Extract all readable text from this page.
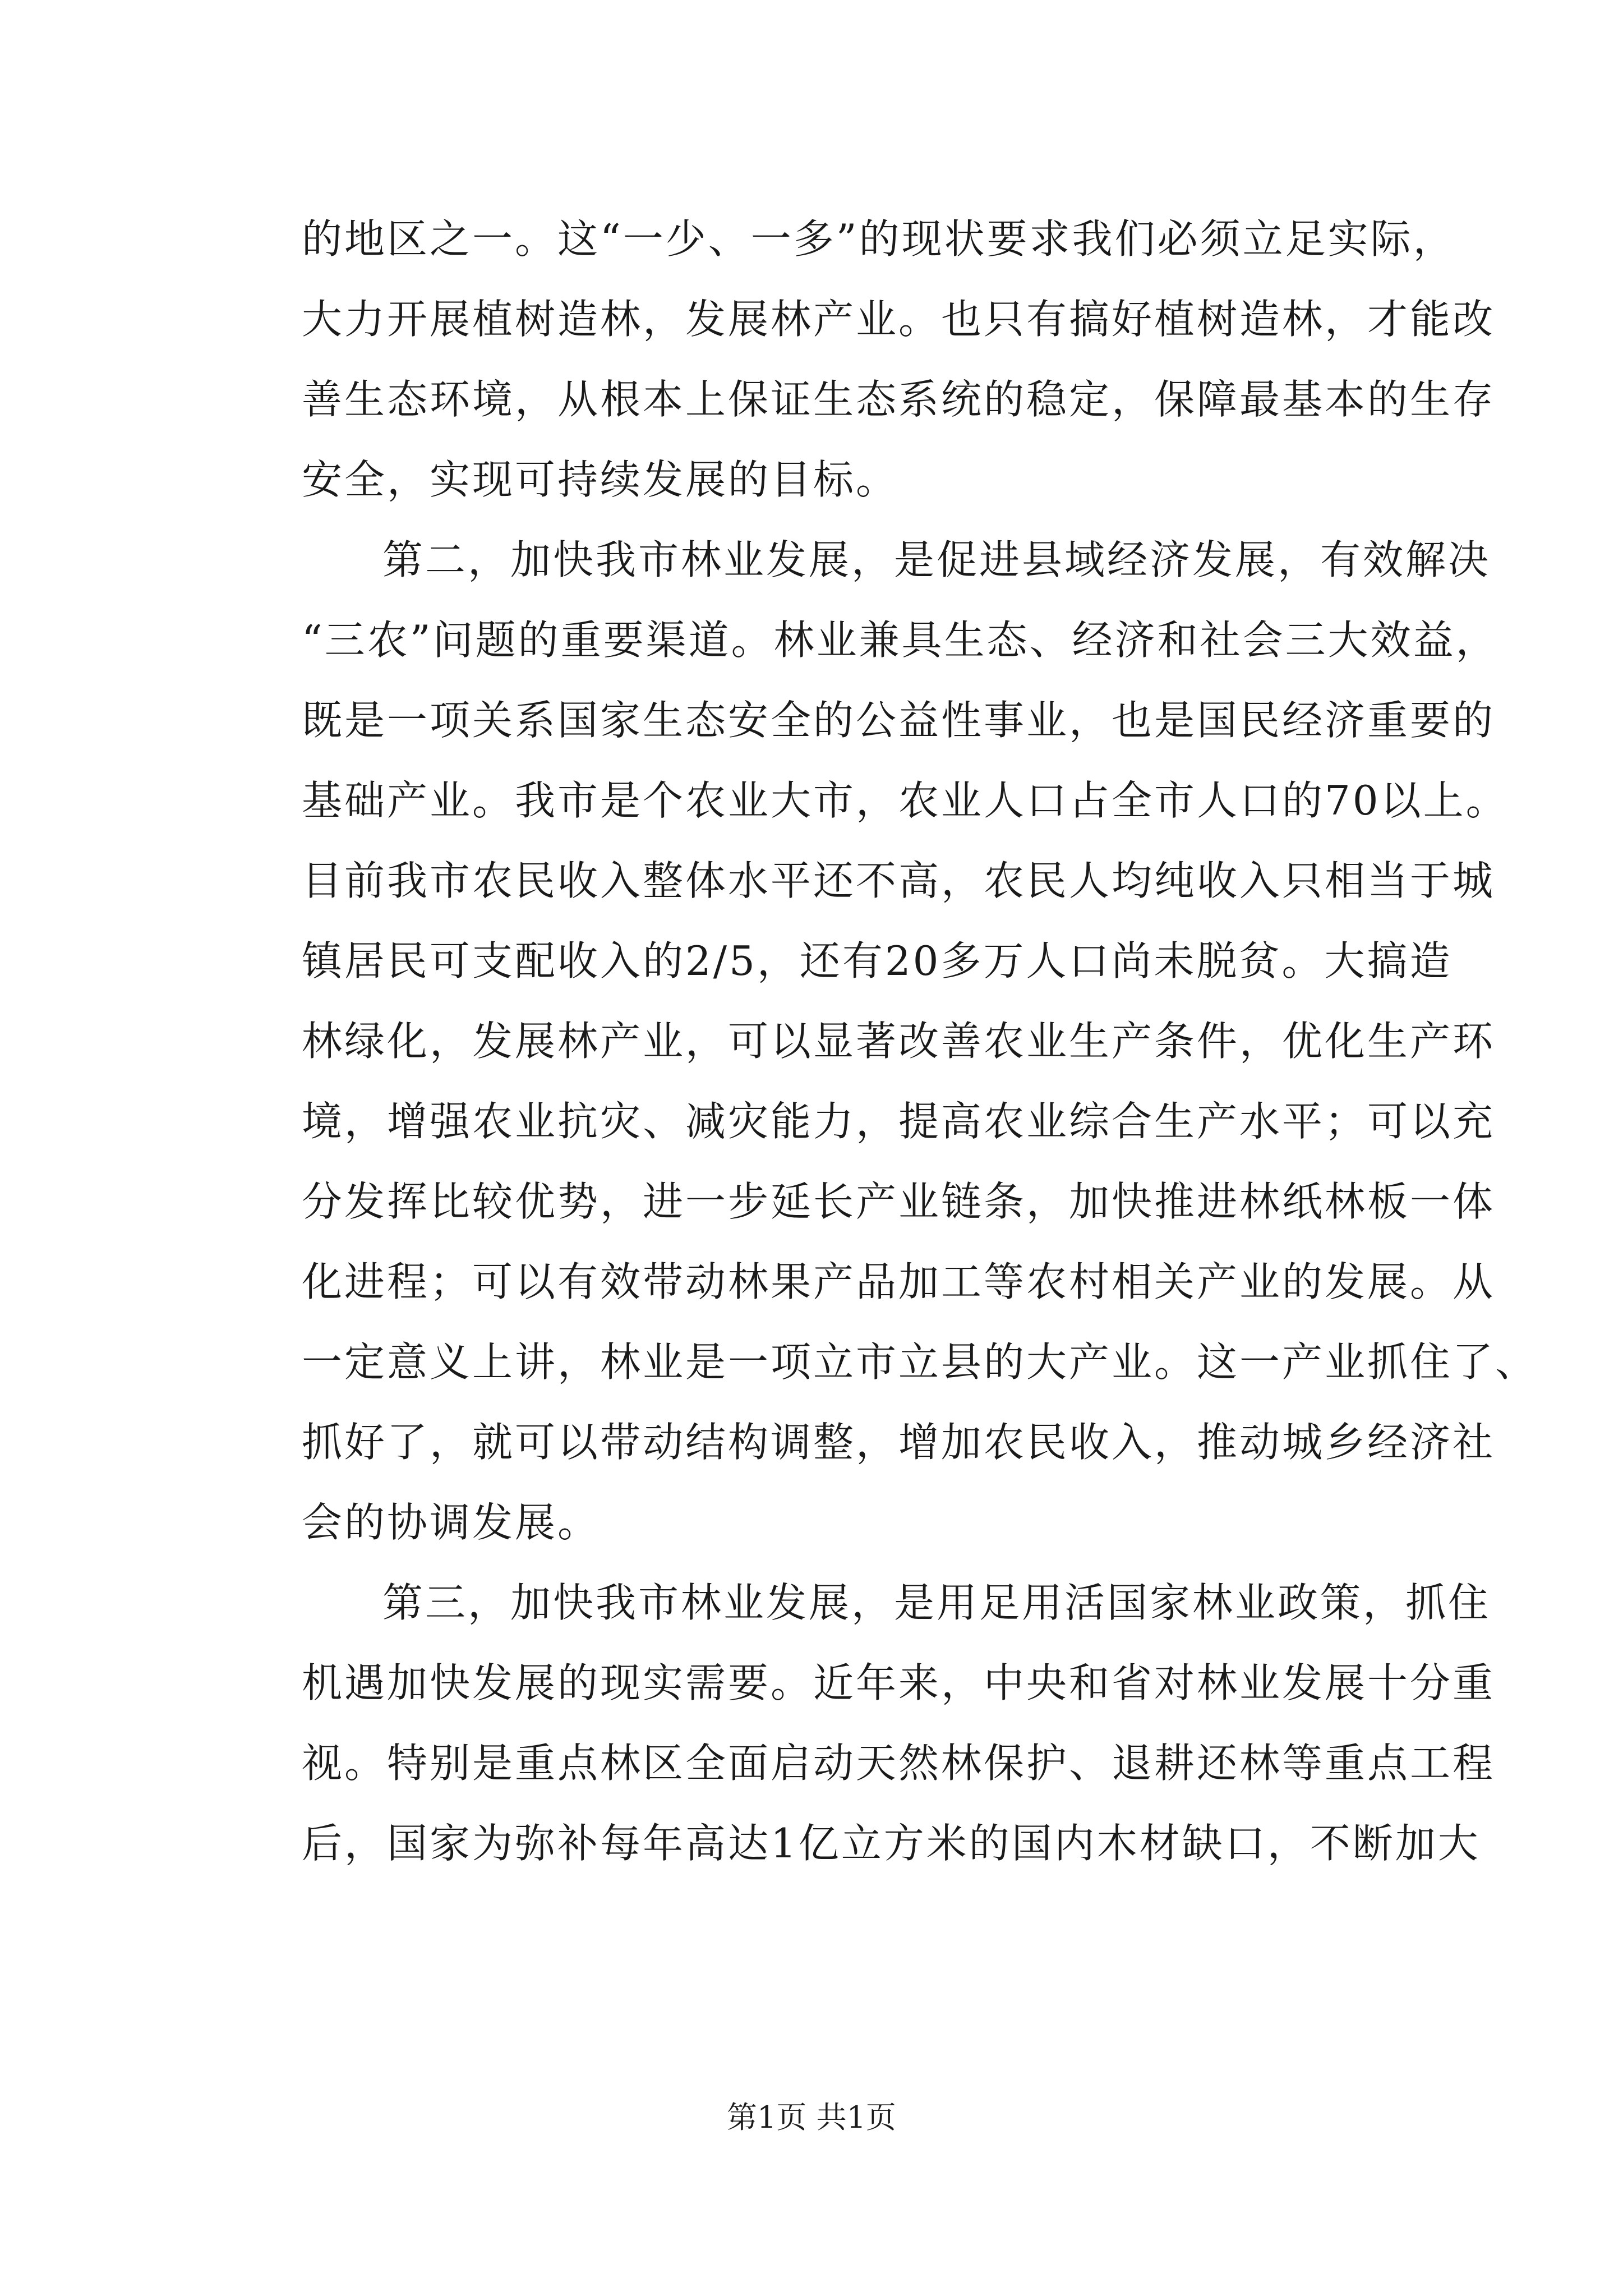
的地区之一。这“一少、一多”的现状要求我们必须立足实际，
大力开展植树造林，发展林产业。也只有搞好植树造林，才能改
善生态环境，从根本上保证生态系统的稳定，保障最基本的生存
安全，实现可持续发展的目标。
第二，加快我市林业发展，是促进县域经济发展，有效解决
“三农”问题的重要渠道。林业兼具生态、经济和社会三大效益，
既是一项关系国家生态安全的公益性事业，也是国民经济重要的
基础产业。我市是个农业大市，农业人口占全市人口的70以上。
目前我市农民收入整体水平还不高，农民人均纯收入只相当于城
镇居民可支配收入的2/5，还有20多万人口尚未脱贫。大搞造
林绿化，发展林产业，可以显著改善农业生产条件，优化生产环
境，增强农业抗灾、减灾能力，提高农业综合生产水平；可以充
分发挥比较优势，进一步延长产业链条，加快推进林纸林板一体
化进程；可以有效带动林果产品加工等农村相关产业的发展。从
一定意义上讲，林业是一项立市立县的大产业。这一产业抓住了、
抓好了，就可以带动结构调整，增加农民收入，推动城乡经济社
会的协调发展。
第三，加快我市林业发展，是用足用活国家林业政策，抓住
机遇加快发展的现实需要。近年来，中央和省对林业发展十分重
视。特别是重点林区全面启动天然林保护、退耕还林等重点工程
后，国家为弥补每年高达1亿立方米的国内木材缺口，不断加大
第1页 共1页
